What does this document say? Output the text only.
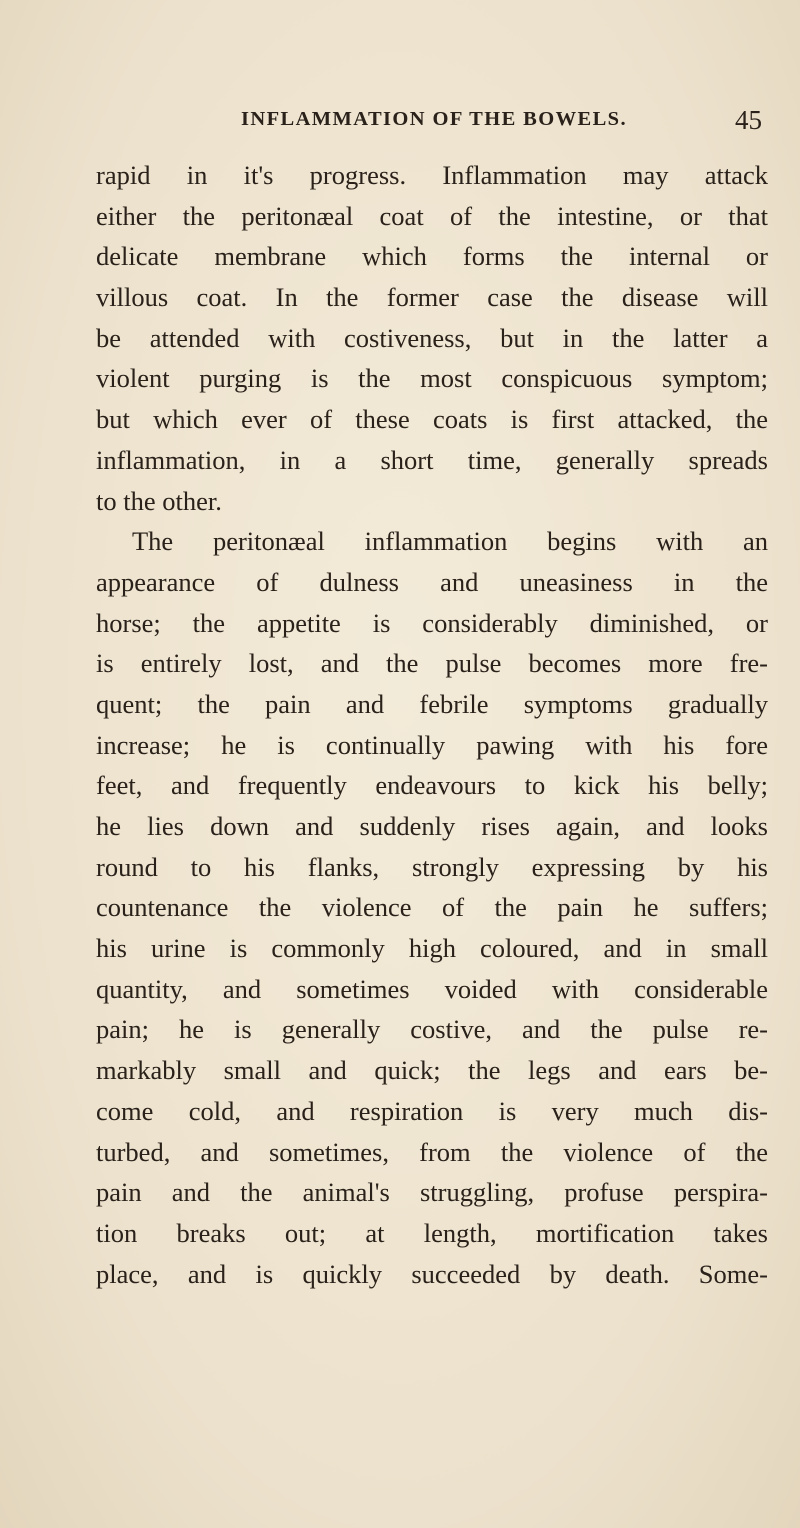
INFLAMMATION OF THE BOWELS.	45
rapid in it's progress. Inflammation may attack
either the peritonæal coat of the intestine, or that
delicate membrane which forms the internal or
villous coat. In the former case the disease will
be attended with costiveness, but in the latter a
violent purging is the most conspicuous symptom;
but which ever of these coats is first attacked, the
inflammation, in a short time, generally spreads
to the other.
The peritonæal inflammation begins with an
appearance of dulness and uneasiness in the
horse; the appetite is considerably diminished, or
is entirely lost, and the pulse becomes more fre-
quent; the pain and febrile symptoms gradually
increase; he is continually pawing with his fore
feet, and frequently endeavours to kick his belly;
he lies down and suddenly rises again, and looks
round to his flanks, strongly expressing by his
countenance the violence of the pain he suffers;
his urine is commonly high coloured, and in small
quantity, and sometimes voided with considerable
pain; he is generally costive, and the pulse re-
markably small and quick; the legs and ears be-
come cold, and respiration is very much dis-
turbed, and sometimes, from the violence of the
pain and the animal's struggling, profuse perspira-
tion breaks out; at length, mortification takes
place, and is quickly succeeded by death. Some-
